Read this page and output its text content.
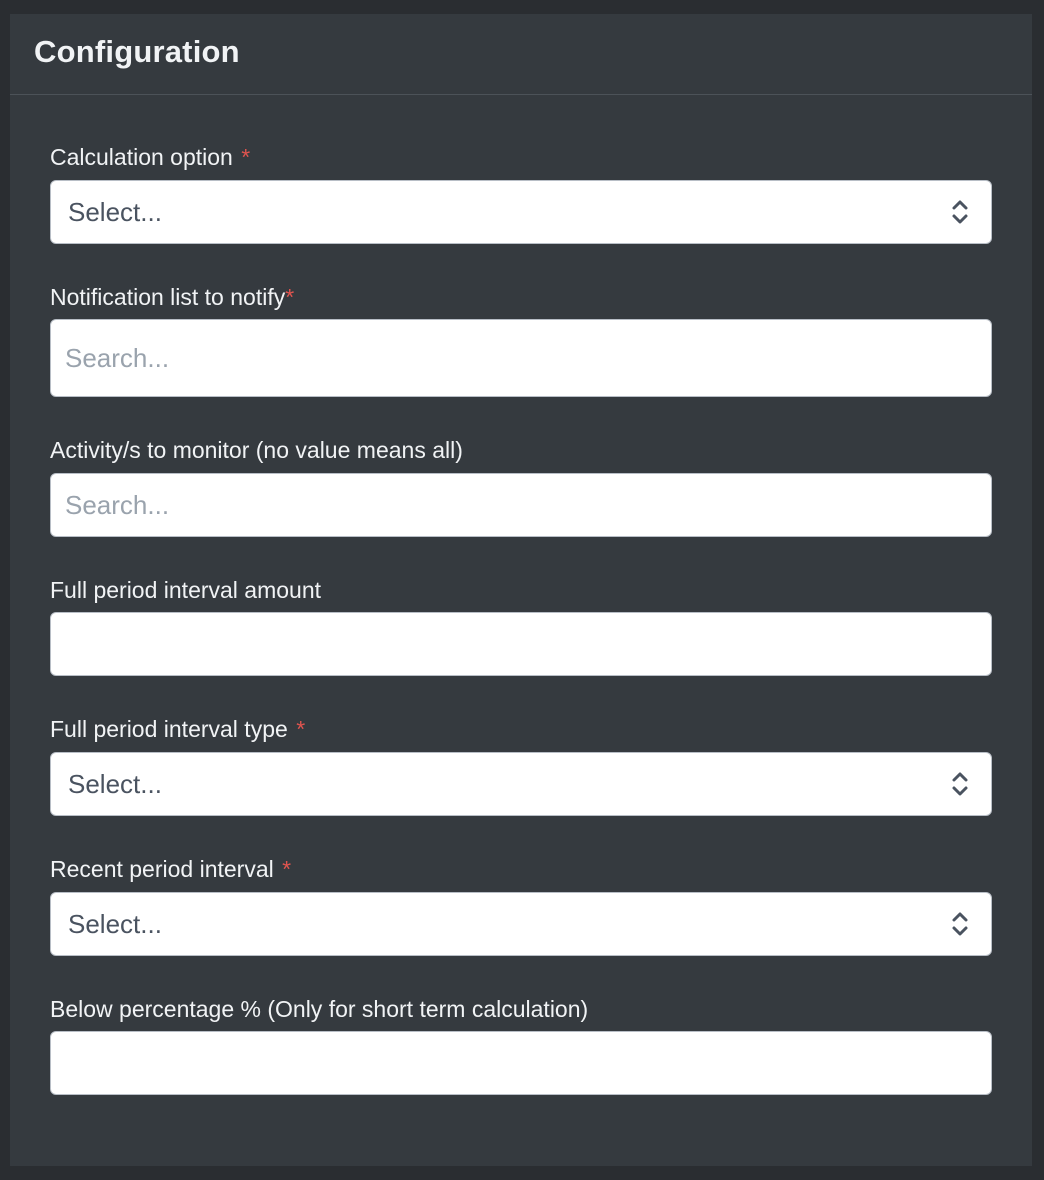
Configuration
Calculation option *
Select...
Notification list to notify*
Search...
Activity/s to monitor (no value means all)
Search...
Full period interval amount
Full period interval type *
Select...
Recent period interval *
Select...
Below percentage % (Only for short term calculation)
